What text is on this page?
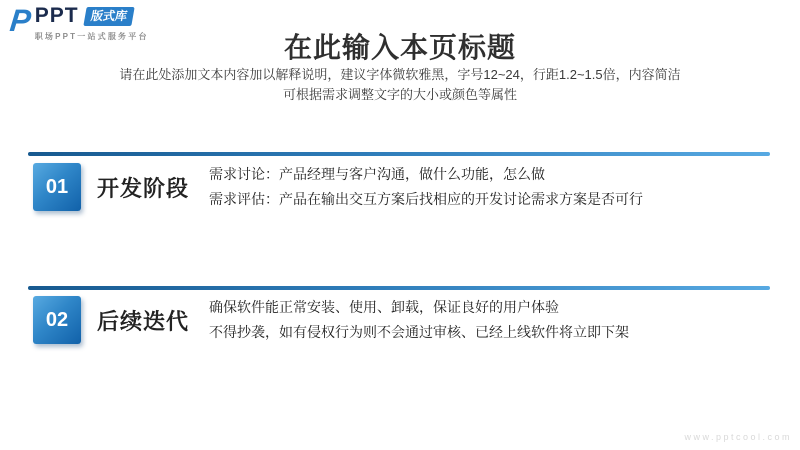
P PPT 版式库
职场PPT一站式服务平台	在此输入本页标题
请在此处添加文本内容加以解释说明，建议字体微软雅黑，字号12~24，行距1.2~1.5倍，内容简洁
可根据需求调整文字的大小或颜色等属性
01	开发阶段
需求讨论：产品经理与客户沟通，做什么功能，怎么做
需求评估：产品在输出交互方案后找相应的开发讨论需求方案是否可行
02	后续迭代
确保软件能正常安装、使用、卸载，保证良好的用户体验
不得抄袭，如有侵权行为则不会通过审核、已经上线软件将立即下架
www.pptcool.com
